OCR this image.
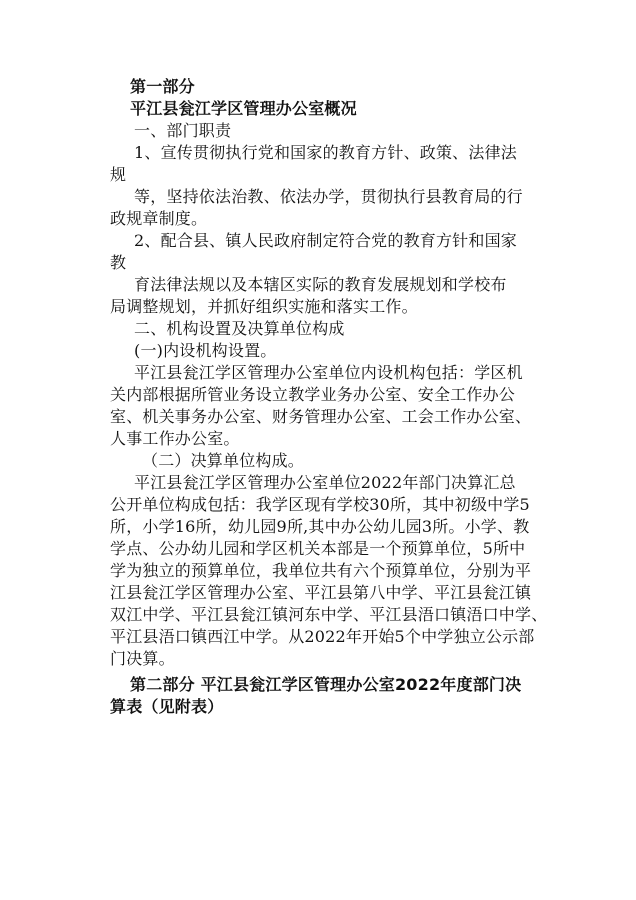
第一部分
平江县瓮江学区管理办公室概况
一、部门职责
1、宣传贯彻执行党和国家的教育方针、政策、法律法
规
等，坚持依法治教、依法办学，贯彻执行县教育局的行
政规章制度。
2、配合县、镇人民政府制定符合党的教育方针和国家
教
育法律法规以及本辖区实际的教育发展规划和学校布
局调整规划，并抓好组织实施和落实工作。
二、机构设置及决算单位构成
(一)内设机构设置。
平江县瓮江学区管理办公室单位内设机构包括：学区机
关内部根据所管业务设立教学业务办公室、安全工作办公
室、机关事务办公室、财务管理办公室、工会工作办公室、
人事工作办公室。
（二）决算单位构成。
平江县瓮江学区管理办公室单位2022年部门决算汇总
公开单位构成包括：我学区现有学校30所，其中初级中学5
所，小学16所，幼儿园9所,其中办公幼儿园3所。小学、教
学点、公办幼儿园和学区机关本部是一个预算单位，5所中
学为独立的预算单位，我单位共有六个预算单位，分别为平
江县瓮江学区管理办公室、平江县第八中学、平江县瓮江镇
双江中学、平江县瓮江镇河东中学、平江县浯口镇浯口中学、
平江县浯口镇西江中学。从2022年开始5个中学独立公示部
门决算。
第二部分 平江县瓮江学区管理办公室2022年度部门决
算表（见附表）
